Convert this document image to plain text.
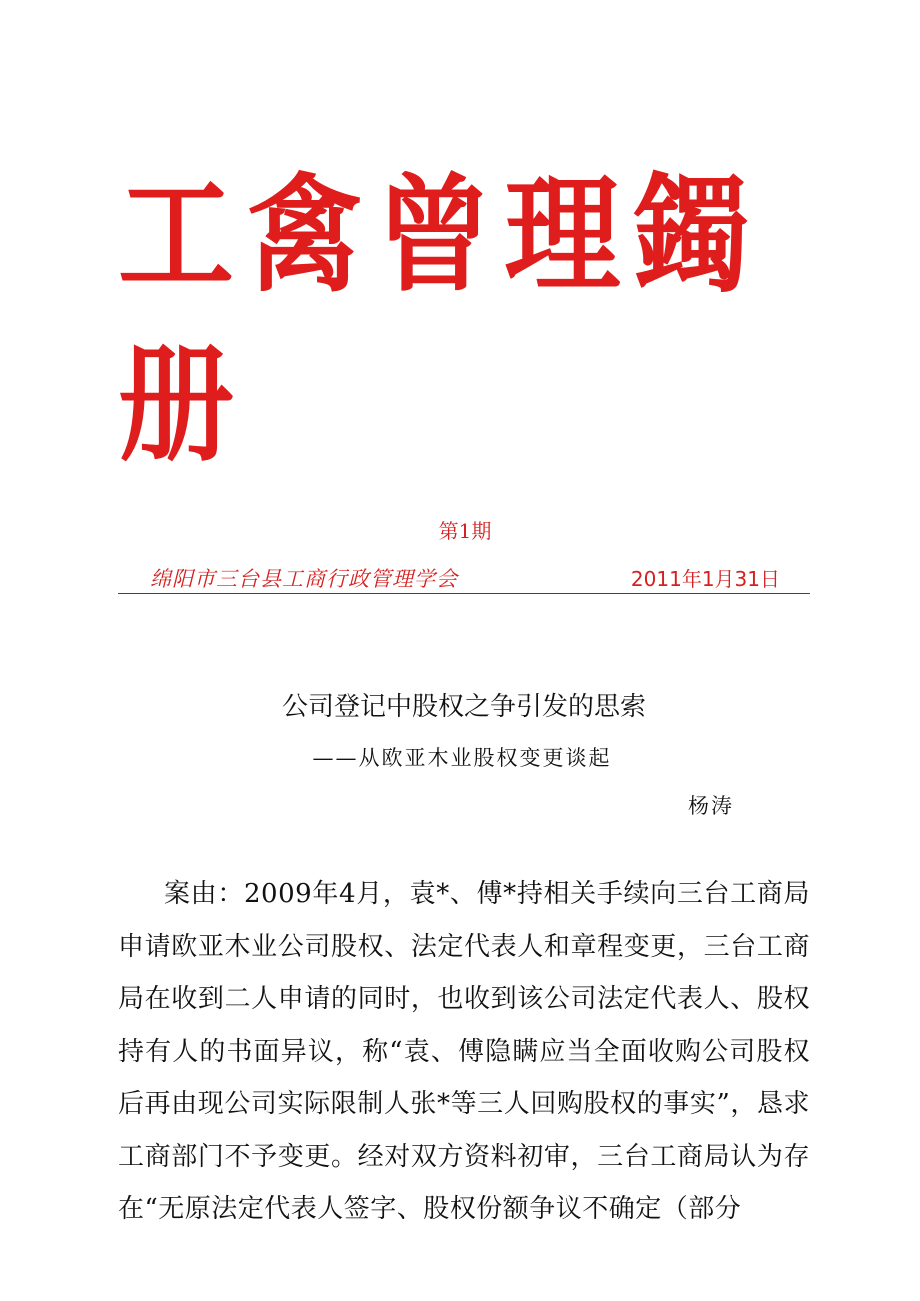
工禽曾理鐲
册
第1期
绵阳市三台县工商行政管理学会	2011年1月31日
公司登记中股权之争引发的思索
——从欧亚木业股权变更谈起
杨涛
案由：2009年4月，袁*、傅*持相关手续向三台工商局申请欧亚木业公司股权、法定代表人和章程变更，三台工商局在收到二人申请的同时，也收到该公司法定代表人、股权持有人的书面异议，称“袁、傅隐瞒应当全面收购公司股权后再由现公司实际限制人张*等三人回购股权的事实”，恳求工商部门不予变更。经对双方资料初审，三台工商局认为存在“无原法定代表人签字、股权份额争议不确定（部分
